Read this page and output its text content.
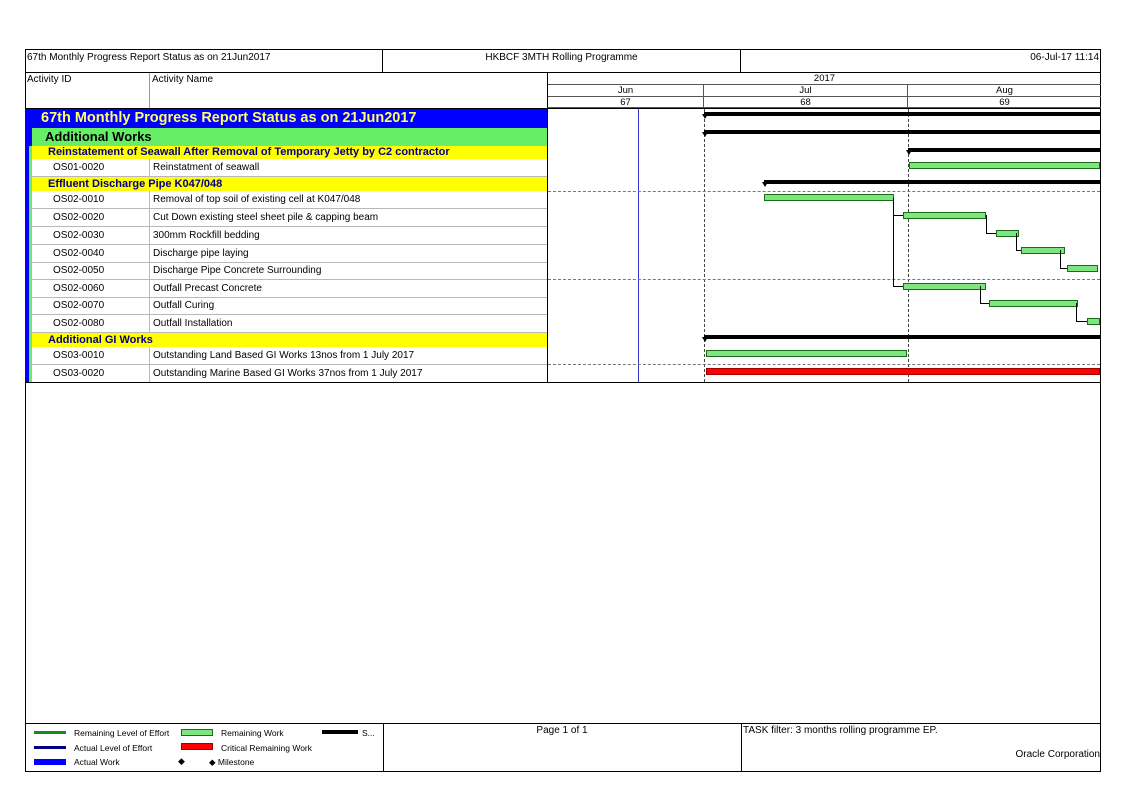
67th Monthly Progress Report Status as on 21Jun2017	HKBCF 3MTH Rolling Programme	06-Jul-17 11:14
Activity ID	Activity Name	2017
Jun	Jul	Aug
67	68	69
67th Monthly Progress Report Status as on 21Jun2017
Additional Works
Reinstatement of Seawall After Removal of Temporary Jetty by C2 contractor
OS01-0020	Reinstatment of seawall
Effluent Discharge Pipe K047/048
OS02-0010	Removal of top soil of existing cell at K047/048
OS02-0020	Cut Down existing steel sheet pile & capping beam
OS02-0030	300mm Rockfill bedding
OS02-0040	Discharge pipe laying
OS02-0050	Discharge Pipe Concrete Surrounding
OS02-0060	Outfall Precast Concrete
OS02-0070	Outfall Curing
OS02-0080	Outfall Installation
Additional GI Works
OS03-0010	Outstanding Land Based GI Works 13nos from 1 July 2017
OS03-0020	Outstanding Marine Based GI Works 37nos from 1 July 2017
Remaining Level of Effort
Actual Level of Effort
Actual Work
Remaining Work
Critical Remaining Work
◆	◆ Milestone
S...	Page 1 of 1	TASK filter: 3 months rolling programme EP.
Oracle Corporation
